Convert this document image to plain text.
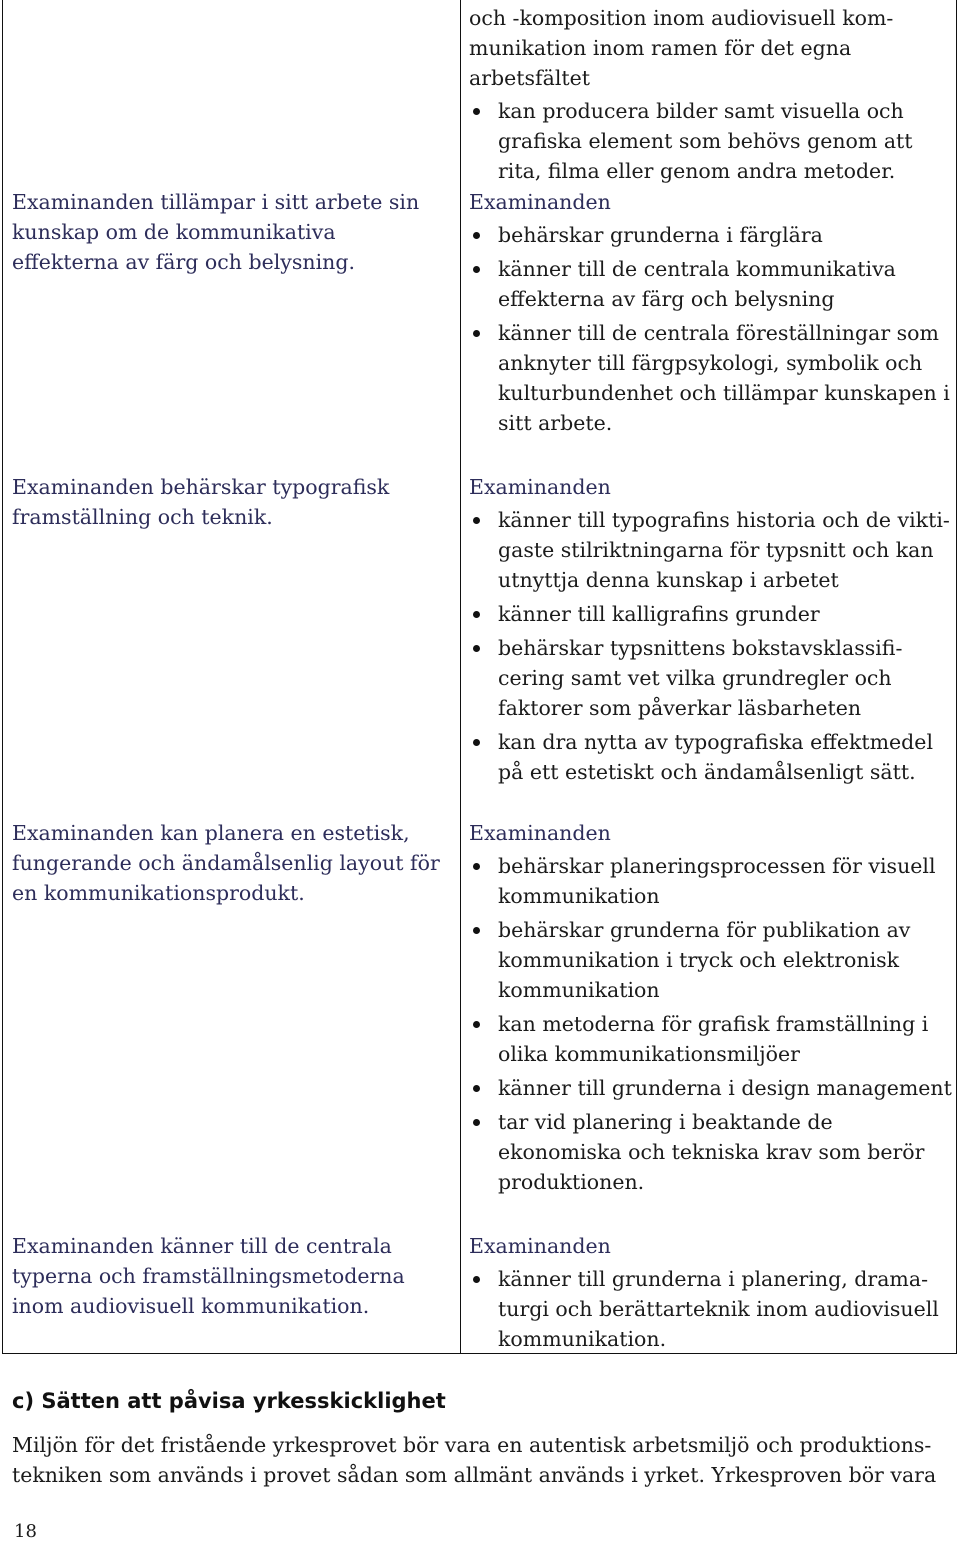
och -komposition inom audiovisuell kom-
munikation inom ramen för det egna
arbetsfältet
kan producera bilder samt visuella och
grafiska element som behövs genom att
rita, filma eller genom andra metoder.
Examinanden tillämpar i sitt arbete sin
kunskap om de kommunikativa
effekterna av färg och belysning.
Examinanden
behärskar grunderna i färglära
känner till de centrala kommunikativa
effekterna av färg och belysning
känner till de centrala föreställningar som
anknyter till färgpsykologi, symbolik och
kulturbundenhet och tillämpar kunskapen i
sitt arbete.
Examinanden behärskar typografisk
framställning och teknik.
Examinanden
känner till typografins historia och de vikti-
gaste stilriktningarna för typsnitt och kan
utnyttja denna kunskap i arbetet
känner till kalligrafins grunder
behärskar typsnittens bokstavsklassifi-
cering samt vet vilka grundregler och
faktorer som påverkar läsbarheten
kan dra nytta av typografiska effektmedel
på ett estetiskt och ändamålsenligt sätt.
Examinanden kan planera en estetisk,
fungerande och ändamålsenlig layout för
en kommunikationsprodukt.
Examinanden
behärskar planeringsprocessen för visuell
kommunikation
behärskar grunderna för publikation av
kommunikation i tryck och elektronisk
kommunikation
kan metoderna för grafisk framställning i
olika kommunikationsmiljöer
känner till grunderna i design management
tar vid planering i beaktande de
ekonomiska och tekniska krav som berör
produktionen.
Examinanden känner till de centrala
typerna och framställningsmetoderna
inom audiovisuell kommunikation.
Examinanden
känner till grunderna i planering, drama-
turgi och berättarteknik inom audiovisuell
kommunikation.
c) Sätten att påvisa yrkesskicklighet
Miljön för det fristående yrkesprovet bör vara en autentisk arbetsmiljö och produktions-
tekniken som används i provet sådan som allmänt används i yrket. Yrkesproven bör vara
18
